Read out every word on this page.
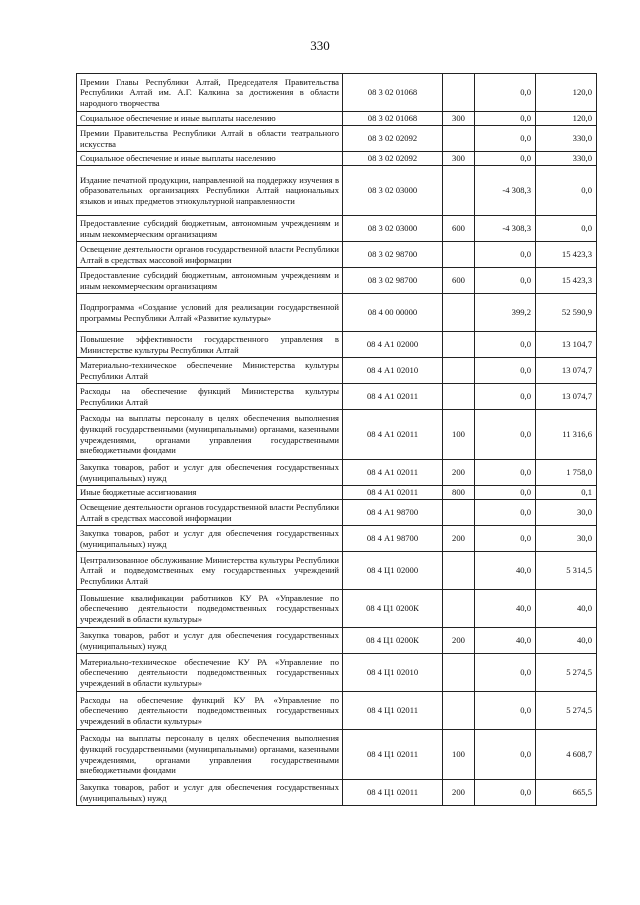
330
Премии Главы Республики Алтай, Председателя Правительства Республики Алтай им. А.Г. Калкина за достижения в области народного творчества	08 3 02 01068		0,0	120,0
Социальное обеспечение и иные выплаты населению	08 3 02 01068	300	0,0	120,0
Премии Правительства Республики Алтай в области театрального искусства	08 3 02 02092		0,0	330,0
Социальное обеспечение и иные выплаты населению	08 3 02 02092	300	0,0	330,0
Издание печатной продукции, направленной на поддержку изучения в образовательных организациях Республики Алтай национальных языков и иных предметов этнокультурной направленности	08 3 02 03000		-4 308,3	0,0
Предоставление субсидий бюджетным, автономным учреждениям и иным некоммерческим организациям	08 3 02 03000	600	-4 308,3	0,0
Освещение деятельности органов государственной власти Республики Алтай в средствах массовой информации	08 3 02 98700		0,0	15 423,3
Предоставление субсидий бюджетным, автономным учреждениям и иным некоммерческим организациям	08 3 02 98700	600	0,0	15 423,3
Подпрограмма «Создание условий для реализации государственной программы Республики Алтай «Развитие культуры»	08 4 00 00000		399,2	52 590,9
Повышение эффективности государственного управления в Министерстве культуры Республики Алтай	08 4 А1 02000		0,0	13 104,7
Материально-техническое обеспечение Министерства культуры Республики Алтай	08 4 А1 02010		0,0	13 074,7
Расходы на обеспечение функций Министерства культуры Республики Алтай	08 4 А1 02011		0,0	13 074,7
Расходы на выплаты персоналу в целях обеспечения выполнения функций государственными (муниципальными) органами, казенными учреждениями, органами управления государственными внебюджетными фондами	08 4 А1 02011	100	0,0	11 316,6
Закупка товаров, работ и услуг для обеспечения государственных (муниципальных) нужд	08 4 А1 02011	200	0,0	1 758,0
Иные бюджетные ассигнования	08 4 А1 02011	800	0,0	0,1
Освещение деятельности органов государственной власти Республики Алтай в средствах массовой информации	08 4 А1 98700		0,0	30,0
Закупка товаров, работ и услуг для обеспечения государственных (муниципальных) нужд	08 4 А1 98700	200	0,0	30,0
Централизованное обслуживание Министерства культуры Республики Алтай и подведомственных ему государственных учреждений Республики Алтай	08 4 Ц1 02000		40,0	5 314,5
Повышение квалификации работников КУ РА «Управление по обеспечению деятельности подведомственных государственных учреждений в области культуры»	08 4 Ц1 0200К		40,0	40,0
Закупка товаров, работ и услуг для обеспечения государственных (муниципальных) нужд	08 4 Ц1 0200К	200	40,0	40,0
Материально-техническое обеспечение КУ РА «Управление по обеспечению деятельности подведомственных государственных учреждений в области культуры»	08 4 Ц1 02010		0,0	5 274,5
Расходы на обеспечение функций КУ РА «Управление по обеспечению деятельности подведомственных государственных учреждений в области культуры»	08 4 Ц1 02011		0,0	5 274,5
Расходы на выплаты персоналу в целях обеспечения выполнения функций государственными (муниципальными) органами, казенными учреждениями, органами управления государственными внебюджетными фондами	08 4 Ц1 02011	100	0,0	4 608,7
Закупка товаров, работ и услуг для обеспечения государственных (муниципальных) нужд	08 4 Ц1 02011	200	0,0	665,5
